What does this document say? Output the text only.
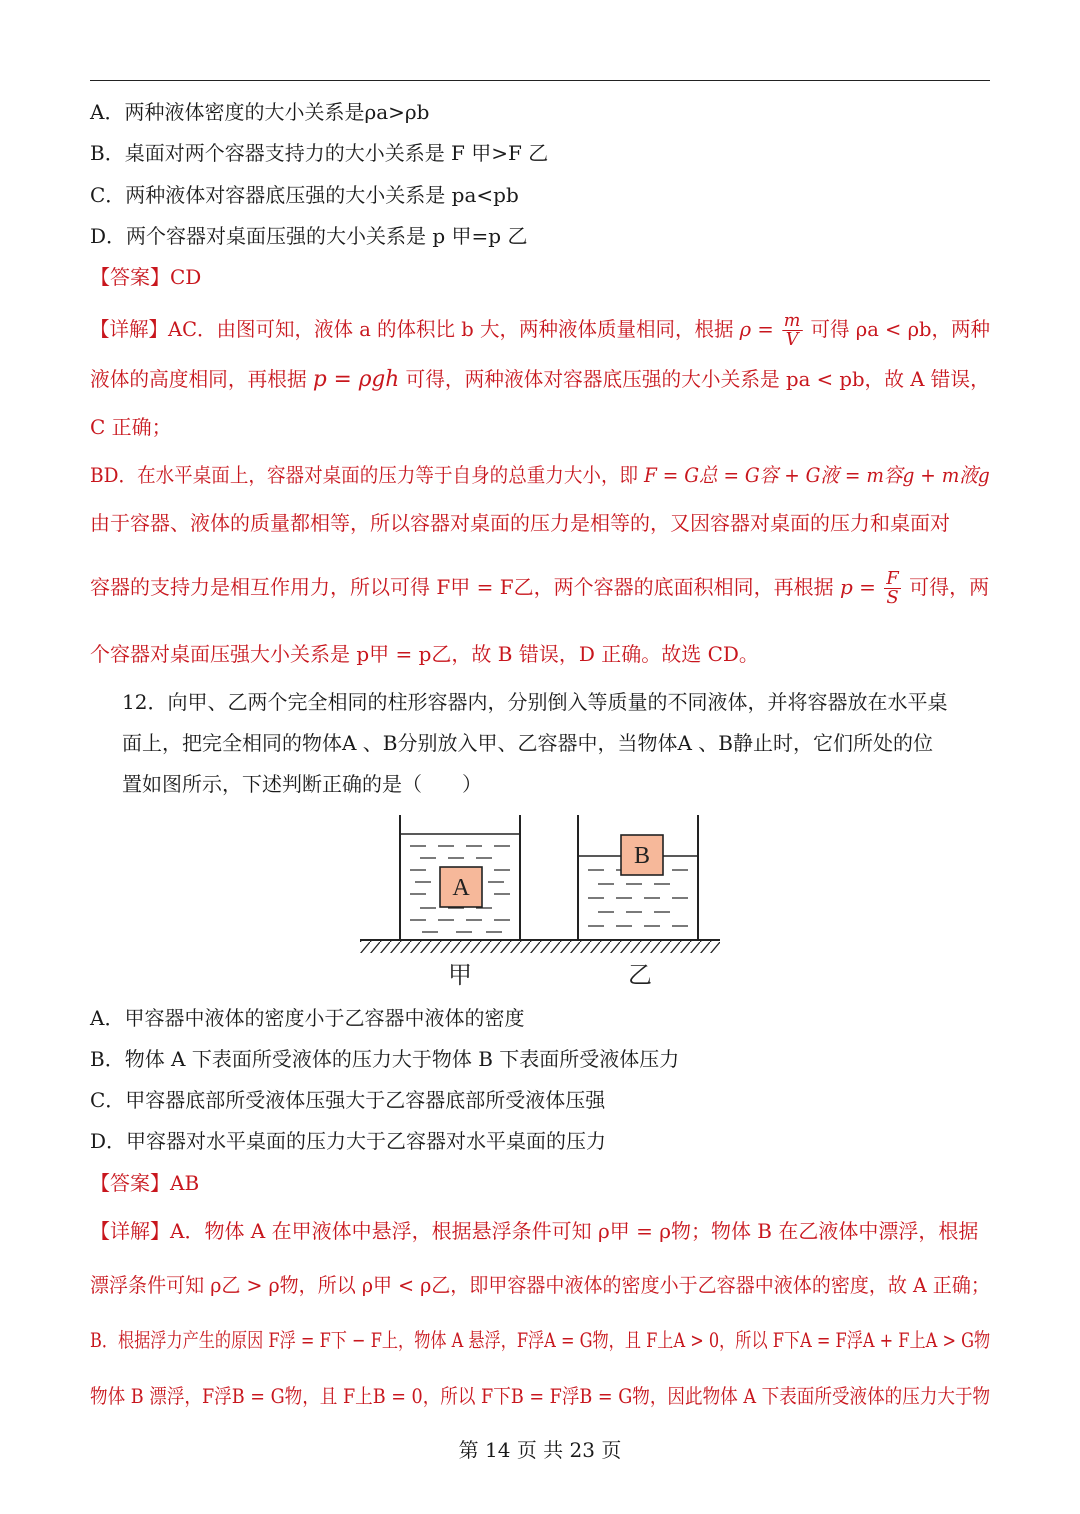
A．两种液体密度的大小关系是ρa>ρb
B．桌面对两个容器支持力的大小关系是 F 甲>F 乙
C．两种液体对容器底压强的大小关系是 pa<pb
D．两个容器对桌面压强的大小关系是 p 甲=p 乙
【答案】CD
【详解】AC．由图可知，液体 a 的体积比 b 大，两种液体质量相同，根据 $\rho = \frac{m}{V}$ 可得 ρa < ρb，两种
液体的高度相同，再根据 p = ρgh 可得，两种液体对容器底压强的大小关系是 pa < pb，故 A 错误，
C 正确；
BD．在水平桌面上，容器对桌面的压力等于自身的总重力大小，即 F = G总 = G容 + G液 = m容g + m液g
由于容器、液体的质量都相等，所以容器对桌面的压力是相等的，又因容器对桌面的压力和桌面对
容器的支持力是相互作用力，所以可得 F甲 = F乙，两个容器的底面积相同，再根据 $p = \frac{F}{S}$ 可得，两
个容器对桌面压强大小关系是 p甲 = p乙，故 B 错误，D 正确。故选 CD。
12．向甲、乙两个完全相同的柱形容器内，分别倒入等质量的不同液体，并将容器放在水平桌
面上，把完全相同的物体A 、B分别放入甲、乙容器中，当物体A 、B静止时，它们所处的位
置如图所示，下述判断正确的是（　　）
A
B
甲	乙
A．甲容器中液体的密度小于乙容器中液体的密度
B．物体 A 下表面所受液体的压力大于物体 B 下表面所受液体压力
C．甲容器底部所受液体压强大于乙容器底部所受液体压强
D．甲容器对水平桌面的压力大于乙容器对水平桌面的压力
【答案】AB
【详解】A．物体 A 在甲液体中悬浮，根据悬浮条件可知 ρ甲 = ρ物；物体 B 在乙液体中漂浮，根据
漂浮条件可知 ρ乙 > ρ物，所以 ρ甲 < ρ乙，即甲容器中液体的密度小于乙容器中液体的密度，故 A 正确；
B．根据浮力产生的原因 F浮 = F下 − F上，物体 A 悬浮，F浮A = G物，且 F上A > 0，所以 F下A = F浮A + F上A > G物
物体 B 漂浮，F浮B = G物，且 F上B = 0，所以 F下B = F浮B = G物，因此物体 A 下表面所受液体的压力大于物
第 14 页 共 23 页
